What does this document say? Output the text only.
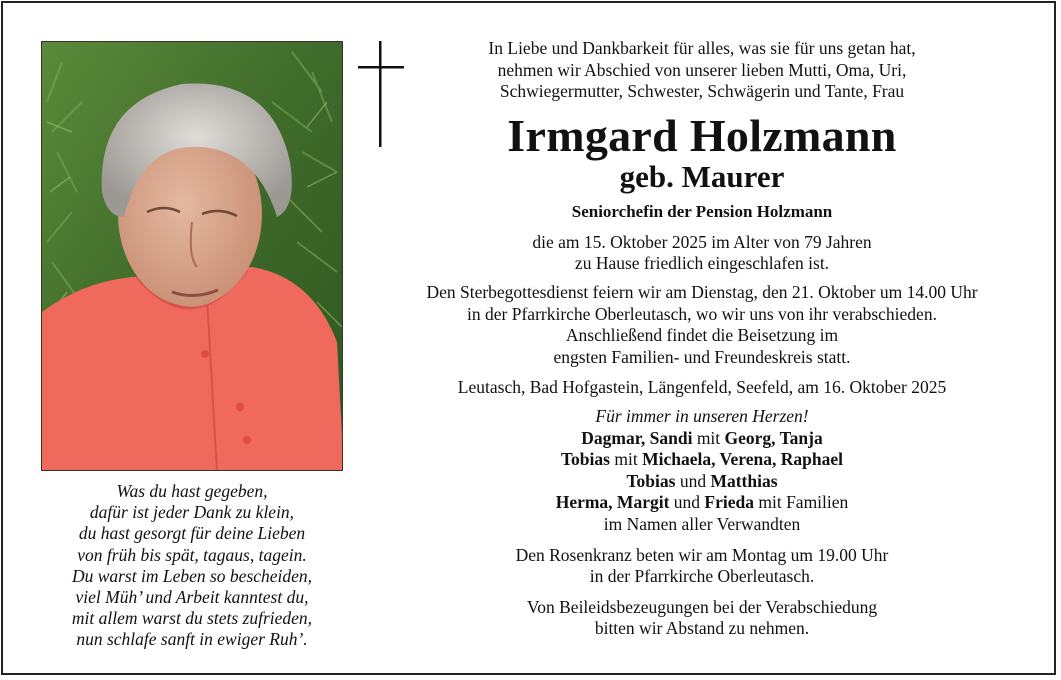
Was du hast gegeben,
dafür ist jeder Dank zu klein,
du hast gesorgt für deine Lieben
von früh bis spät, tagaus, tagein.
Du warst im Leben so bescheiden,
viel Müh’ und Arbeit kanntest du,
mit allem warst du stets zufrieden,
nun schlafe sanft in ewiger Ruh’.
In Liebe und Dankbarkeit für alles, was sie für uns getan hat,
nehmen wir Abschied von unserer lieben Mutti, Oma, Uri,
Schwiegermutter, Schwester, Schwägerin und Tante, Frau
Irmgard Holzmann
geb. Maurer
Seniorchefin der Pension Holzmann
die am 15. Oktober 2025 im Alter von 79 Jahren
zu Hause friedlich eingeschlafen ist.
Den Sterbegottesdienst feiern wir am Dienstag, den 21. Oktober um 14.00 Uhr
in der Pfarrkirche Oberleutasch, wo wir uns von ihr verabschieden.
Anschließend findet die Beisetzung im
engsten Familien- und Freundeskreis statt.
Leutasch, Bad Hofgastein, Längenfeld, Seefeld, am 16. Oktober 2025
Für immer in unseren Herzen!
Dagmar, Sandi mit Georg, Tanja
Tobias mit Michaela, Verena, Raphael
Tobias und Matthias
Herma, Margit und Frieda mit Familien
im Namen aller Verwandten
Den Rosenkranz beten wir am Montag um 19.00 Uhr
in der Pfarrkirche Oberleutasch.
Von Beileidsbezeugungen bei der Verabschiedung
bitten wir Abstand zu nehmen.
